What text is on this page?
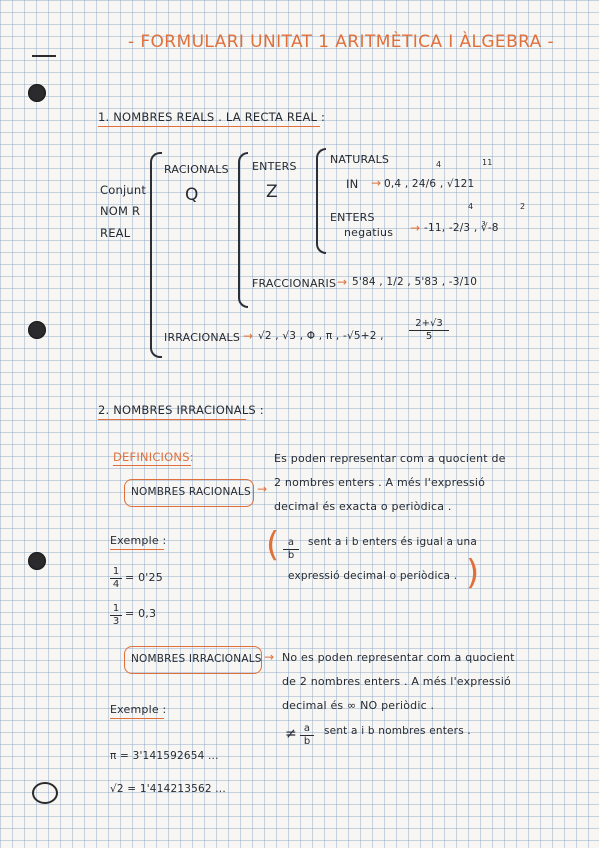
- FORMULARI UNITAT 1 ARITMÈTICA I ÀLGEBRA -
1. NOMBRES REALS . LA RECTA REAL :
Conjunt
NOM R
REAL
RACIONALS
Q
ENTERS
Z
NATURALS
IN → 0,4 , 24/6 , √121
4	11
ENTERS
negatius → -11, -2/3 , ∛-8
4	2
FRACCIONARIS → 5'84 , 1/2 , 5'83 , -3/10
IRRACIONALS → √2 , √3 , Φ , π , -√5+2 ,	$\frac{2+√3}{5}$
2. NOMBRES IRRACIONALS :
DEFINICIONS:
NOMBRES RACIONALS →
Es poden representar com a quocient de
2 nombres enters . A més l'expressió
decimal és exacta o periòdica .
( $\frac{a}{b}$ sent a i b enters és igual a una
expressió decimal o periòdica . )
Exemple :
$\frac{1}{4} = 0'25$
$\frac{1}{3} = 0,3$
NOMBRES IRRACIONALS → No es poden representar com a quocient
de 2 nombres enters . A més l'expressió
decimal és ∞ NO periòdic .
≠ $\frac{a}{b}$ sent a i b nombres enters .
Exemple :
π = 3'141592654 ...
√2 = 1'414213562 ...
